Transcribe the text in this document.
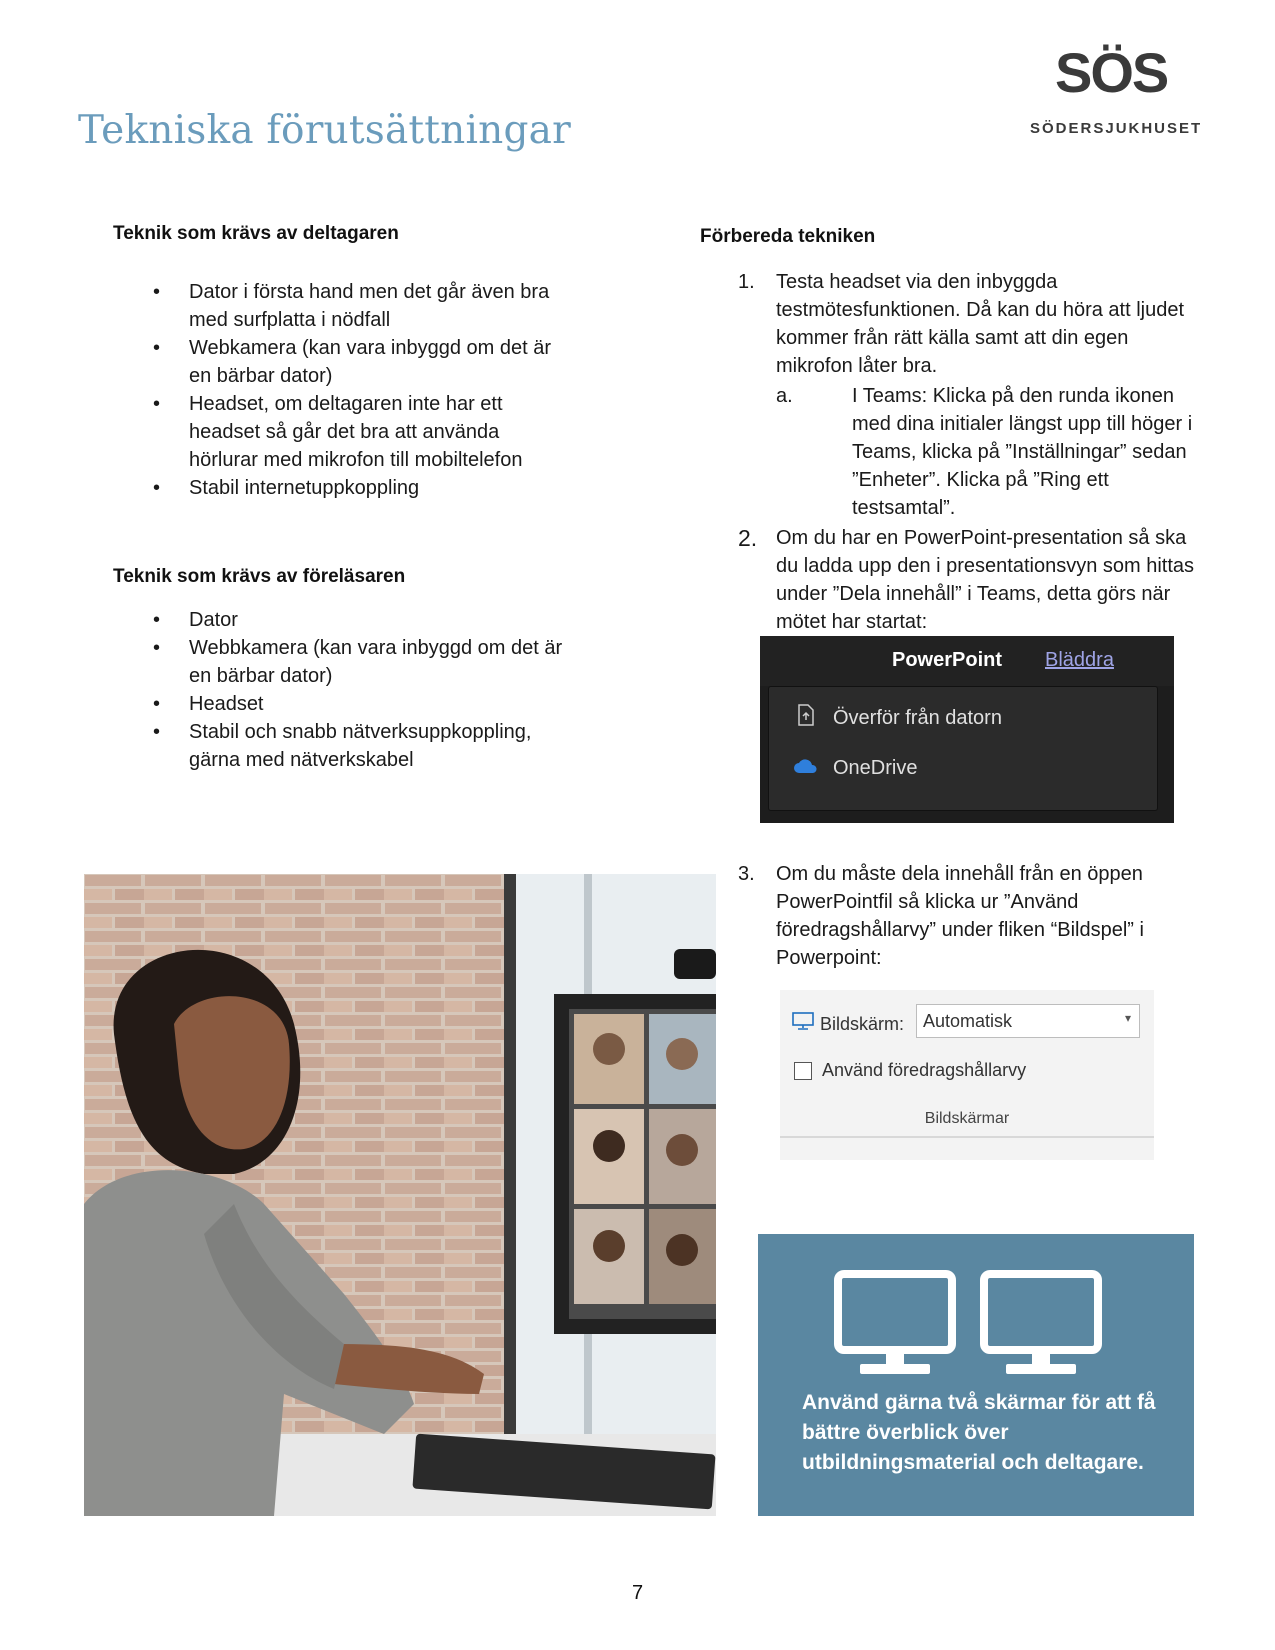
Tekniska förutsättningar
SÖS
SÖDERSJUKHUSET
Teknik som krävs av deltagaren
• Dator i första hand men det går även bra med surfplatta i nödfall
• Webkamera (kan vara inbyggd om det är en bärbar dator)
• Headset, om deltagaren inte har ett headset så går det bra att använda hörlurar med mikrofon till mobiltelefon
• Stabil internetuppkoppling
Teknik som krävs av föreläsaren
• Dator
• Webbkamera (kan vara inbyggd om det är en bärbar dator)
• Headset
• Stabil och snabb nätverksuppkoppling, gärna med nätverkskabel
Förbereda tekniken
1. Testa headset via den inbyggda testmötesfunktionen. Då kan du höra att ljudet kommer från rätt källa samt att din egen mikrofon låter bra.
a.	I Teams: Klicka på den runda ikonen med dina initialer längst upp till höger i Teams, klicka på ”Inställningar” sedan ”Enheter”. Klicka på ”Ring ett testsamtal”.
2. Om du har en PowerPoint-presentation så ska du ladda upp den i presentationsvyn som hittas under ”Dela innehåll” i Teams, detta görs när mötet har startat:
PowerPoint Bläddra
Överför från datorn
OneDrive
3. Om du måste dela innehåll från en öppen PowerPointfil så klicka ur ”Använd föredragshållarvy” under fliken “Bildspel” i Powerpoint:
Bildskärm:	Automatisk	▾
Använd föredragshållarvy
Bildskärmar
Använd gärna två skärmar för att få bättre överblick över utbildningsmaterial och deltagare.
7
